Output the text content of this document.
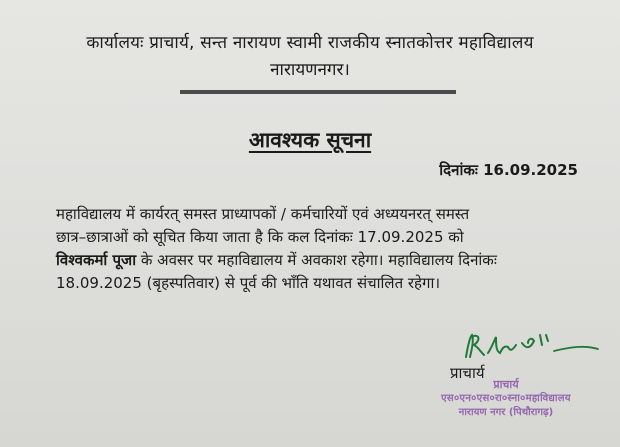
कार्यालयः प्राचार्य, सन्त नारायण स्वामी राजकीय स्नातकोत्तर महाविद्यालय
नारायणनगर।
आवश्यक सूचना
दिनांकः 16.09.2025
महाविद्यालय में कार्यरत् समस्त प्राध्यापकों / कर्मचारियों एवं अध्ययनरत् समस्त
छात्र–छात्राओं को सूचित किया जाता है कि कल दिनांकः 17.09.2025 को
विश्वकर्मा पूजा के अवसर पर महाविद्यालय में अवकाश रहेगा। महाविद्यालय दिनांकः
18.09.2025 (बृहस्पतिवार) से पूर्व की भाँति यथावत संचालित रहेगा।
प्राचार्य
प्राचार्य
एस०एन०एस०रा०स्ना०महाविद्यालय
नारायण नगर (पिथौरागढ़)
